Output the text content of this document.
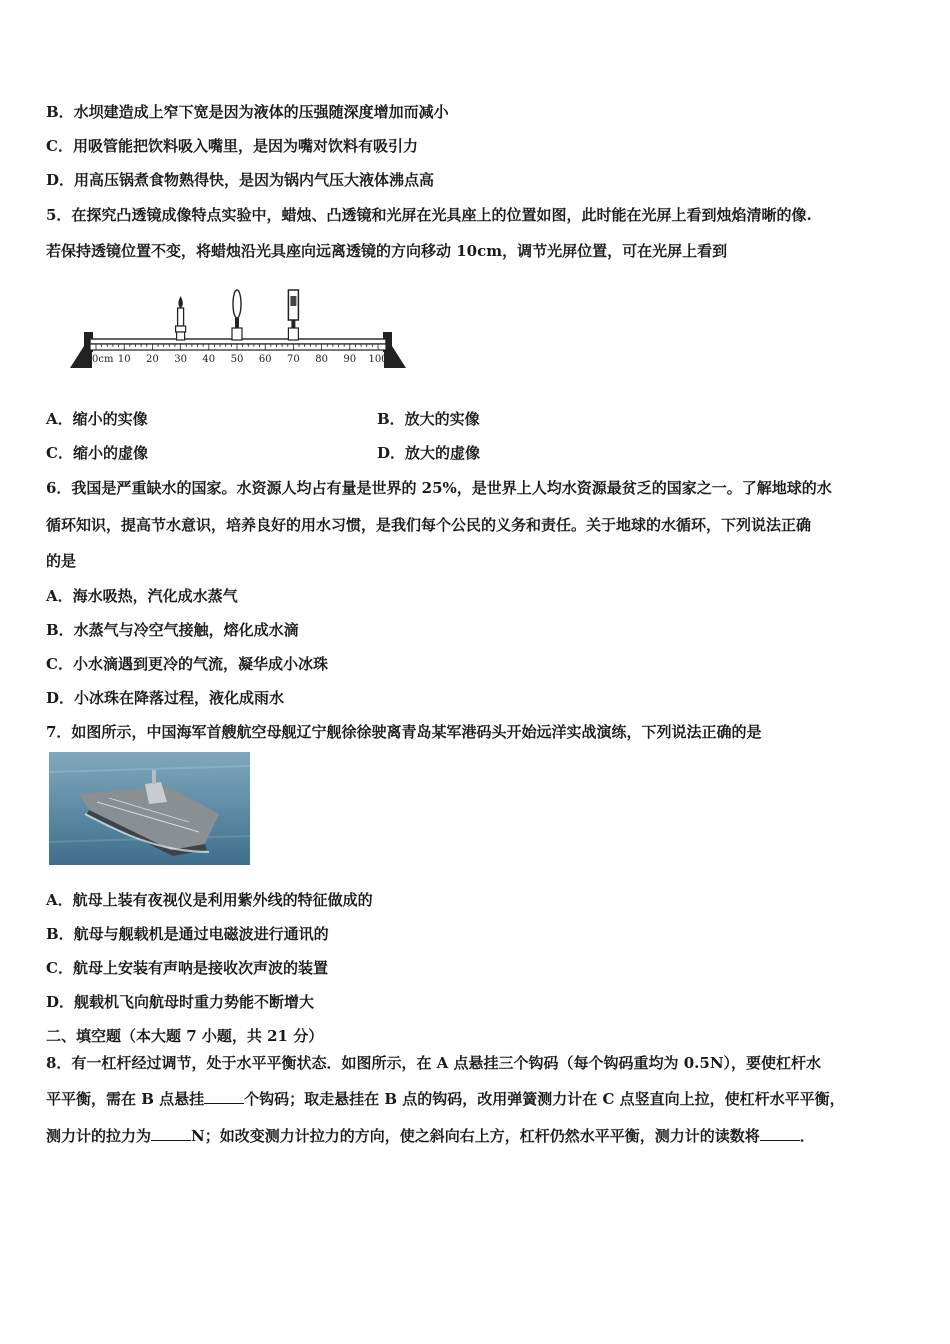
B．水坝建造成上窄下宽是因为液体的压强随深度增加而减小
C．用吸管能把饮料吸入嘴里，是因为嘴对饮料有吸引力
D．用高压锅煮食物熟得快，是因为锅内气压大液体沸点高
5．在探究凸透镜成像特点实验中，蜡烛、凸透镜和光屏在光具座上的位置如图，此时能在光屏上看到烛焰清晰的像.
若保持透镜位置不变，将蜡烛沿光具座向远离透镜的方向移动 10cm，调节光屏位置，可在光屏上看到
0cm 10 20 30 40 50 60 70 80 90 100
A．缩小的实像	B．放大的实像
C．缩小的虚像	D．放大的虚像
6．我国是严重缺水的国家。水资源人均占有量是世界的 25%，是世界上人均水资源最贫乏的国家之一。了解地球的水
循环知识，提高节水意识，培养良好的用水习惯，是我们每个公民的义务和责任。关于地球的水循环，下列说法正确
的是
A．海水吸热，汽化成水蒸气
B．水蒸气与冷空气接触，熔化成水滴
C．小水滴遇到更冷的气流，凝华成小冰珠
D．小冰珠在降落过程，液化成雨水
7．如图所示，中国海军首艘航空母舰辽宁舰徐徐驶离青岛某军港码头开始远洋实战演练，下列说法正确的是
A．航母上装有夜视仪是利用紫外线的特征做成的
B．航母与舰载机是通过电磁波进行通讯的
C．航母上安装有声呐是接收次声波的装置
D．舰载机飞向航母时重力势能不断增大
二、填空题（本大题 7 小题，共 21 分）
8．有一杠杆经过调节，处于水平平衡状态．如图所示，在 A 点悬挂三个钩码（每个钩码重均为 0.5N），要使杠杆水
平平衡，需在 B 点悬挂	个钩码；取走悬挂在 B 点的钩码，改用弹簧测力计在 C 点竖直向上拉，使杠杆水平平衡，
测力计的拉力为	N；如改变测力计拉力的方向，使之斜向右上方，杠杆仍然水平平衡，测力计的读数将	．
